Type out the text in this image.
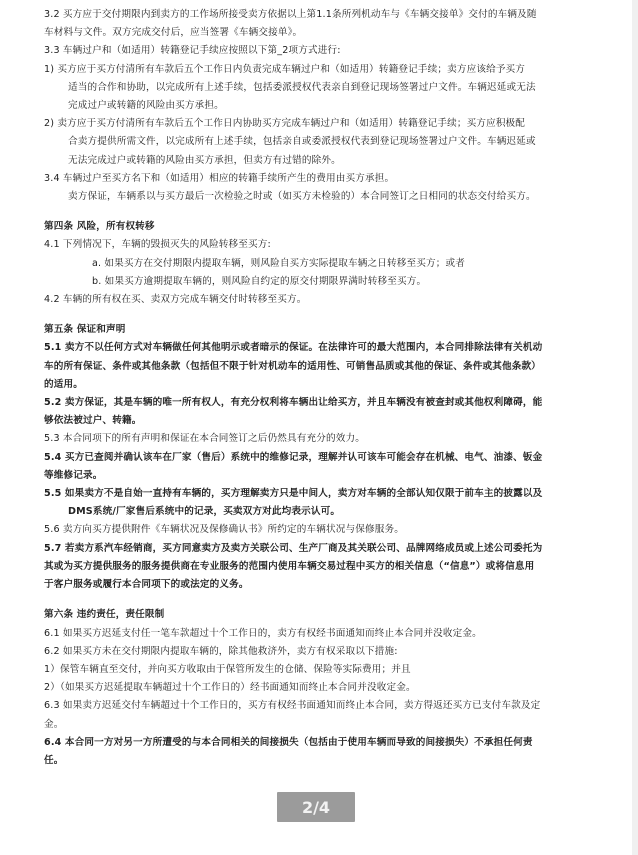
3.2 买方应于交付期限内到卖方的工作场所接受卖方依据以上第1.1条所列机动车与《车辆交接单》交付的车辆及随
车材料与文件。双方完成交付后，应当签署《车辆交接单》。
3.3 车辆过户和（如适用）转籍登记手续应按照以下第_2项方式进行:
1) 买方应于买方付清所有车款后五个工作日内负责完成车辆过户和（如适用）转籍登记手续；卖方应该给予买方
适当的合作和协助，以完成所有上述手续，包括委派授权代表亲自到登记现场签署过户文件。车辆迟延或无法
完成过户或转籍的风险由买方承担。
2) 卖方应于买方付清所有车款后五个工作日内协助买方完成车辆过户和（如适用）转籍登记手续；买方应积极配
合卖方提供所需文件，以完成所有上述手续，包括亲自或委派授权代表到登记现场签署过户文件。车辆迟延或
无法完成过户或转籍的风险由买方承担，但卖方有过错的除外。
3.4 车辆过户至买方名下和（如适用）相应的转籍手续所产生的费用由买方承担。
卖方保证，车辆系以与买方最后一次检验之时或（如买方未检验的）本合同签订之日相同的状态交付给买方。
第四条 风险，所有权转移
4.1 下列情况下，车辆的毁损灭失的风险转移至买方:
a. 如果买方在交付期限内提取车辆，则风险自买方实际提取车辆之日转移至买方；或者
b. 如果买方逾期提取车辆的，则风险自约定的原交付期限界满时转移至买方。
4.2 车辆的所有权在买、卖双方完成车辆交付时转移至买方。
第五条 保证和声明
5.1 卖方不以任何方式对车辆做任何其他明示或者暗示的保证。在法律许可的最大范围内，本合同排除法律有关机动
车的所有保证、条件或其他条款（包括但不限于针对机动车的适用性、可销售品质或其他的保证、条件或其他条款）
的适用。
5.2 卖方保证，其是车辆的唯一所有权人，有充分权利将车辆出让给买方，并且车辆没有被查封或其他权利障碍，能
够依法被过户、转籍。
5.3 本合同项下的所有声明和保证在本合同签订之后仍然具有充分的效力。
5.4 买方已查阅并确认该车在厂家（售后）系统中的维修记录，理解并认可该车可能会存在机械、电气、油漆、钣金
等维修记录。
5.5 如果卖方不是自始一直持有车辆的，买方理解卖方只是中间人，卖方对车辆的全部认知仅限于前车主的披露以及
DMS系统/厂家售后系统中的记录，买卖双方对此均表示认可。
5.6 卖方向买方提供附件《车辆状况及保修确认书》所约定的车辆状况与保修服务。
5.7 若卖方系汽车经销商，买方同意卖方及卖方关联公司、生产厂商及其关联公司、品牌网络成员或上述公司委托为
其或为买方提供服务的服务提供商在专业服务的范围内使用车辆交易过程中买方的相关信息（“信息”）或将信息用
于客户服务或履行本合同项下的或法定的义务。
第六条 违约责任，责任限制
6.1 如果买方迟延支付任一笔车款超过十个工作日的，卖方有权经书面通知而终止本合同并没收定金。
6.2 如果买方未在交付期限内提取车辆的，除其他救济外，卖方有权采取以下措施:
1）保管车辆直至交付，并向买方收取由于保管所发生的仓储、保险等实际费用；并且
2）（如果买方迟延提取车辆超过十个工作日的）经书面通知而终止本合同并没收定金。
6.3 如果卖方迟延交付车辆超过十个工作日的，买方有权经书面通知而终止本合同，卖方得返还买方已支付车款及定
金。
6.4 本合同一方对另一方所遭受的与本合同相关的间接损失（包括由于使用车辆而导致的间接损失）不承担任何责
任。
2/4
